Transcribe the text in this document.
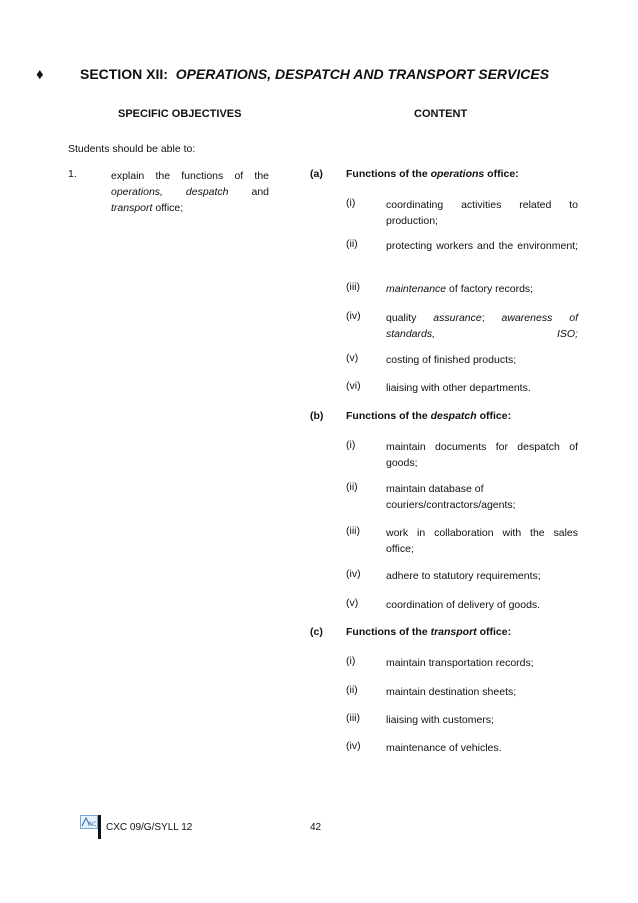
♦	SECTION XII: OPERATIONS, DESPATCH AND TRANSPORT SERVICES
SPECIFIC OBJECTIVES	CONTENT
Students should be able to:
1.	explain the functions of the operations, despatch and transport office;
(a) Functions of the operations office:
(i)	coordinating activities related to production;
(ii)	protecting workers and the environment;
(iii) maintenance of factory records;
(iv) quality assurance; awareness of standards, ISO;
(v)	costing of finished products;
(vi) liaising with other departments.
(b) Functions of the despatch office:
(i)	maintain documents for despatch of goods;
(ii)	maintain database of couriers/contractors/agents;
(iii) work in collaboration with the sales office;
(iv) adhere to statutory requirements;
(v)	coordination of delivery of goods.
(c) Functions of the transport office:
(i)	maintain transportation records;
(ii)	maintain destination sheets;
(iii) liaising with customers;
(iv) maintenance of vehicles.
AC CXC 09/G/SYLL 12	42
